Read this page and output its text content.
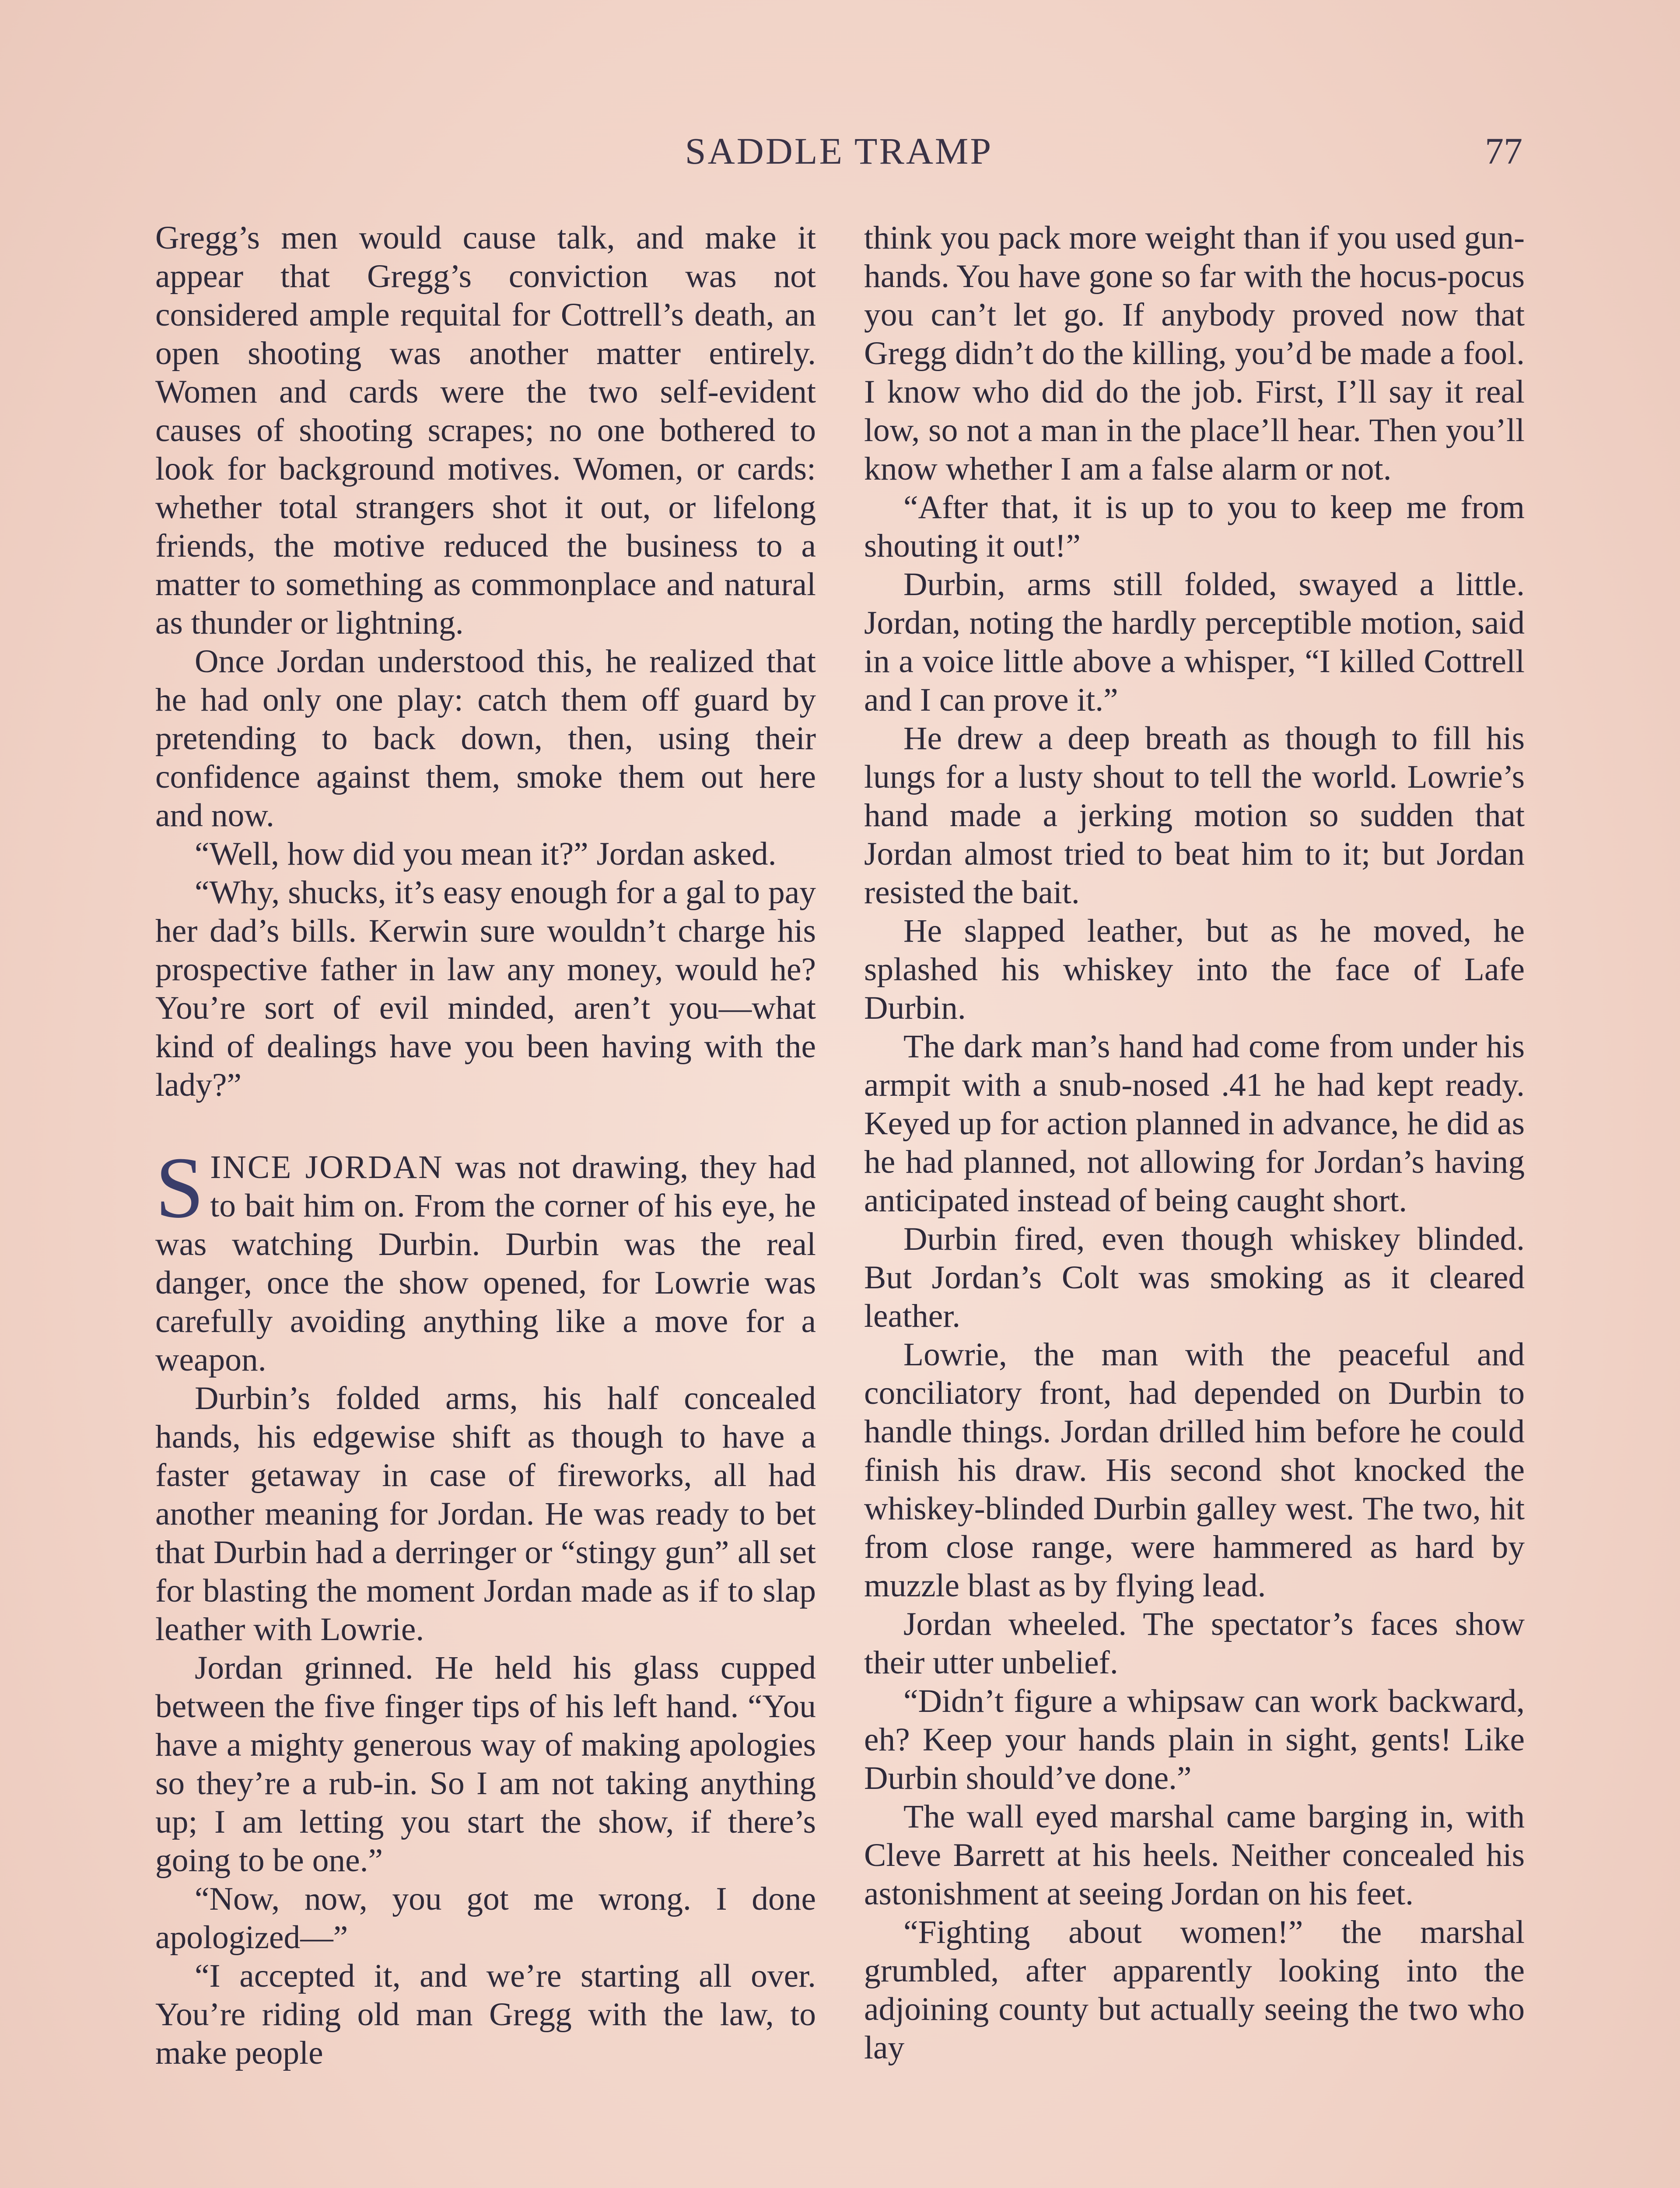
SADDLE TRAMP	77

Gregg’s men would cause talk, and make it appear that Gregg’s conviction was not considered ample requital for Cottrell’s death, an open shooting was another matter entirely. Women and cards were the two self-evident causes of shooting scrapes; no one bothered to look for background motives. Women, or cards: whether total strangers shot it out, or lifelong friends, the motive reduced the business to a matter to something as commonplace and natural as thunder or lightning.

Once Jordan understood this, he realized that he had only one play: catch them off guard by pretending to back down, then, using their confidence against them, smoke them out here and now.

“Well, how did you mean it?” Jordan asked.

“Why, shucks, it’s easy enough for a gal to pay her dad’s bills. Kerwin sure wouldn’t charge his prospective father in law any money, would he? You’re sort of evil minded, aren’t you—what kind of dealings have you been having with the lady?”

SINCE JORDAN was not drawing, they had to bait him on. From the corner of his eye, he was watching Durbin. Durbin was the real danger, once the show opened, for Lowrie was carefully avoiding anything like a move for a weapon.

Durbin’s folded arms, his half concealed hands, his edgewise shift as though to have a faster getaway in case of fireworks, all had another meaning for Jordan. He was ready to bet that Durbin had a derringer or “stingy gun” all set for blasting the moment Jordan made as if to slap leather with Lowrie.

Jordan grinned. He held his glass cupped between the five finger tips of his left hand. “You have a mighty generous way of making apologies so they’re a rub-in. So I am not taking anything up; I am letting you start the show, if there’s going to be one.”

“Now, now, you got me wrong. I done apologized—”

“I accepted it, and we’re starting all over. You’re riding old man Gregg with the law, to make people

think you pack more weight than if you used gun-hands. You have gone so far with the hocus-pocus you can’t let go. If anybody proved now that Gregg didn’t do the killing, you’d be made a fool. I know who did do the job. First, I’ll say it real low, so not a man in the place’ll hear. Then you’ll know whether I am a false alarm or not.

“After that, it is up to you to keep me from shouting it out!”

Durbin, arms still folded, swayed a little. Jordan, noting the hardly perceptible motion, said in a voice little above a whisper, “I killed Cottrell and I can prove it.”

He drew a deep breath as though to fill his lungs for a lusty shout to tell the world. Lowrie’s hand made a jerking motion so sudden that Jordan almost tried to beat him to it; but Jordan resisted the bait.

He slapped leather, but as he moved, he splashed his whiskey into the face of Lafe Durbin.

The dark man’s hand had come from under his armpit with a snub-nosed .41 he had kept ready. Keyed up for action planned in advance, he did as he had planned, not allowing for Jordan’s having anticipated instead of being caught short.

Durbin fired, even though whiskey blinded. But Jordan’s Colt was smoking as it cleared leather.

Lowrie, the man with the peaceful and conciliatory front, had depended on Durbin to handle things. Jordan drilled him before he could finish his draw. His second shot knocked the whiskey-blinded Durbin galley west. The two, hit from close range, were hammered as hard by muzzle blast as by flying lead.

Jordan wheeled. The spectator’s faces show their utter unbelief.

“Didn’t figure a whipsaw can work backward, eh? Keep your hands plain in sight, gents! Like Durbin should’ve done.”

The wall eyed marshal came barging in, with Cleve Barrett at his heels. Neither concealed his astonishment at seeing Jordan on his feet.

“Fighting about women!” the marshal grumbled, after apparently looking into the adjoining county but actually seeing the two who lay
